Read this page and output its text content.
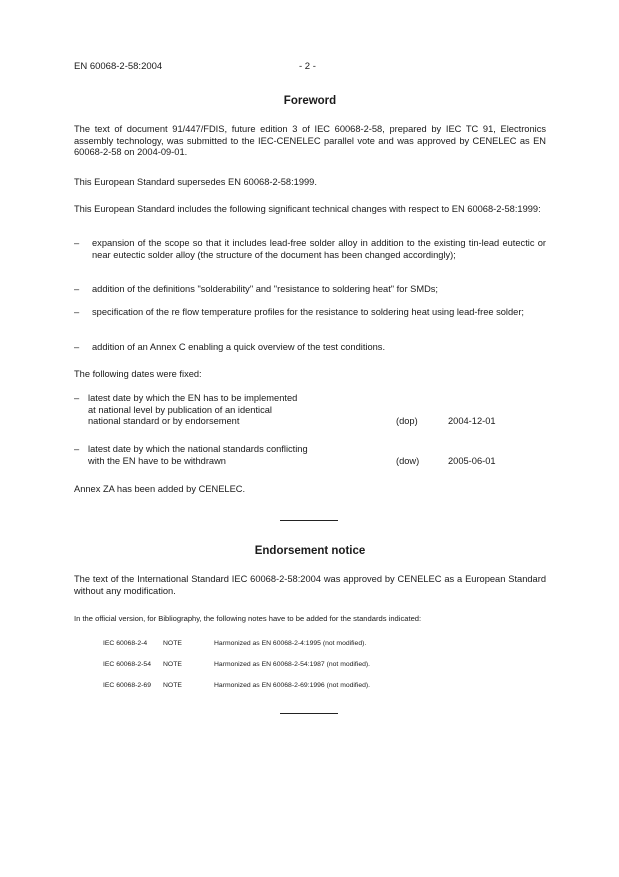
EN 60068-2-58:2004	- 2 -
Foreword
The text of document 91/447/FDIS, future edition 3 of IEC 60068-2-58, prepared by IEC TC 91, Electronics assembly technology, was submitted to the IEC-CENELEC parallel vote and was approved by CENELEC as EN 60068-2-58 on 2004-09-01.
This European Standard supersedes EN 60068-2-58:1999.
This European Standard includes the following significant technical changes with respect to EN 60068-2-58:1999:
– expansion of the scope so that it includes lead-free solder alloy in addition to the existing tin-lead eutectic or near eutectic solder alloy (the structure of the document has been changed accordingly);
– addition of the definitions "solderability" and "resistance to soldering heat" for SMDs;
– specification of the re flow temperature profiles for the resistance to soldering heat using lead-free solder;
– addition of an Annex C enabling a quick overview of the test conditions.
The following dates were fixed:
– latest date by which the EN has to be implemented
at national level by publication of an identical
national standard or by endorsement	(dop)	2004-12-01
– latest date by which the national standards conflicting
with the EN have to be withdrawn	(dow)	2005-06-01
Annex ZA has been added by CENELEC.
Endorsement notice
The text of the International Standard IEC 60068-2-58:2004 was approved by CENELEC as a European Standard without any modification.
In the official version, for Bibliography, the following notes have to be added for the standards indicated:
IEC 60068-2-4 NOTE	Harmonized as EN 60068-2-4:1995 (not modified).
IEC 60068-2-54 NOTE	Harmonized as EN 60068-2-54:1987 (not modified).
IEC 60068-2-69 NOTE	Harmonized as EN 60068-2-69:1996 (not modified).
